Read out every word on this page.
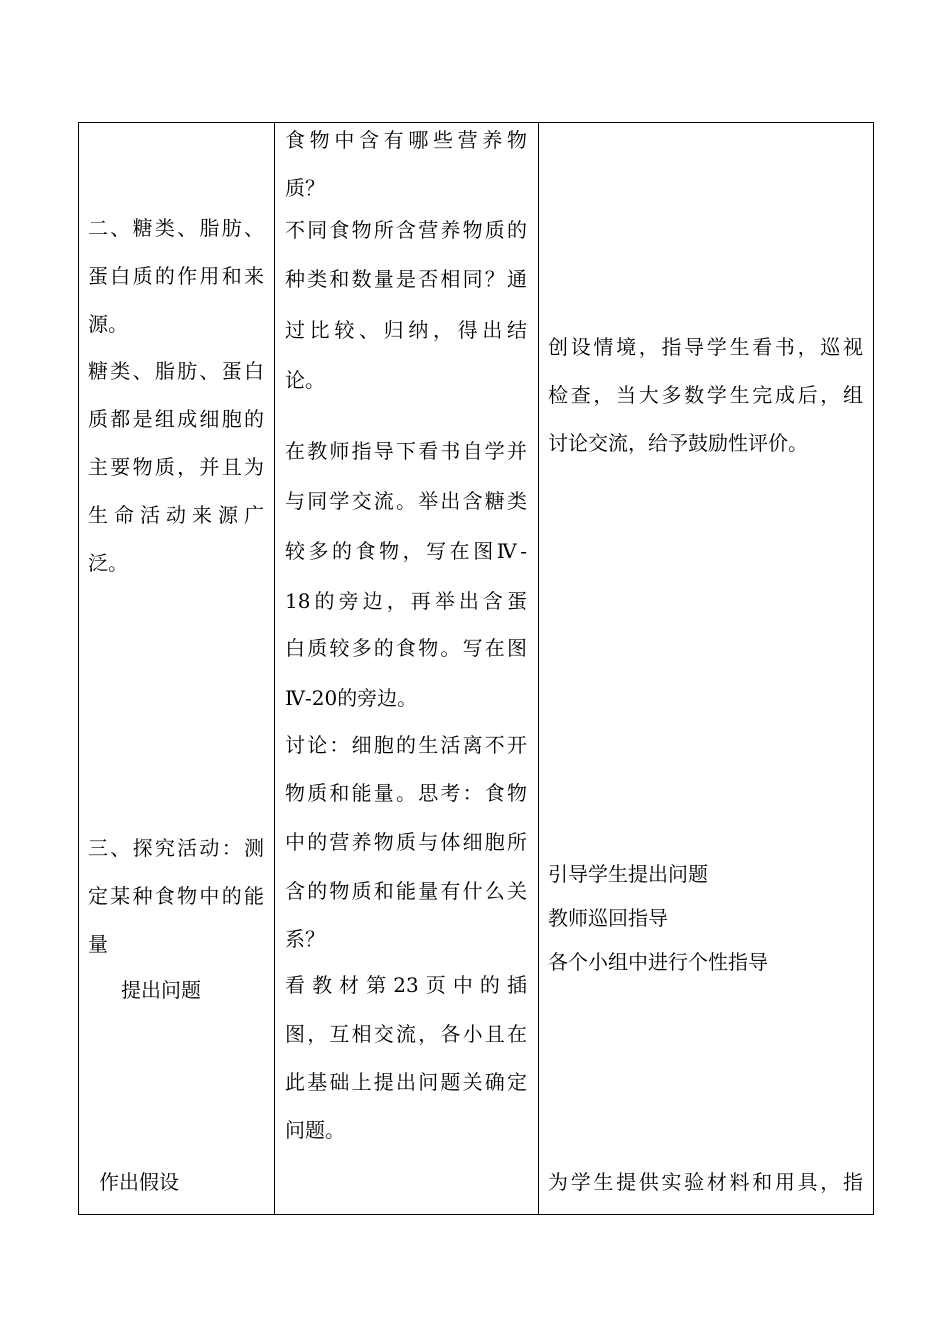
二、糖类、脂肪、
蛋白质的作用和来
源。
糖类、脂肪、蛋白
质都是组成细胞的
主要物质，并且为
生命活动来源广
泛。
三、探究活动：测
定某种食物中的能
量
提出问题
作出假设
食物中含有哪些营养物
质？
不同食物所含营养物质的
种类和数量是否相同？通
过比较、归纳，得出结
论。
在教师指导下看书自学并
与同学交流。举出含糖类
较多的食物，写在图Ⅳ-
18的旁边，再举出含蛋
白质较多的食物。写在图
Ⅳ-20的旁边。
讨论：细胞的生活离不开
物质和能量。思考：食物
中的营养物质与体细胞所
含的物质和能量有什么关
系？
看教材第23页中的插
图，互相交流，各小且在
此基础上提出问题关确定
问题。
创设情境，指导学生看书，巡视
检查，当大多数学生完成后，组
讨论交流，给予鼓励性评价。
引导学生提出问题
教师巡回指导
各个小组中进行个性指导
为学生提供实验材料和用具，指
